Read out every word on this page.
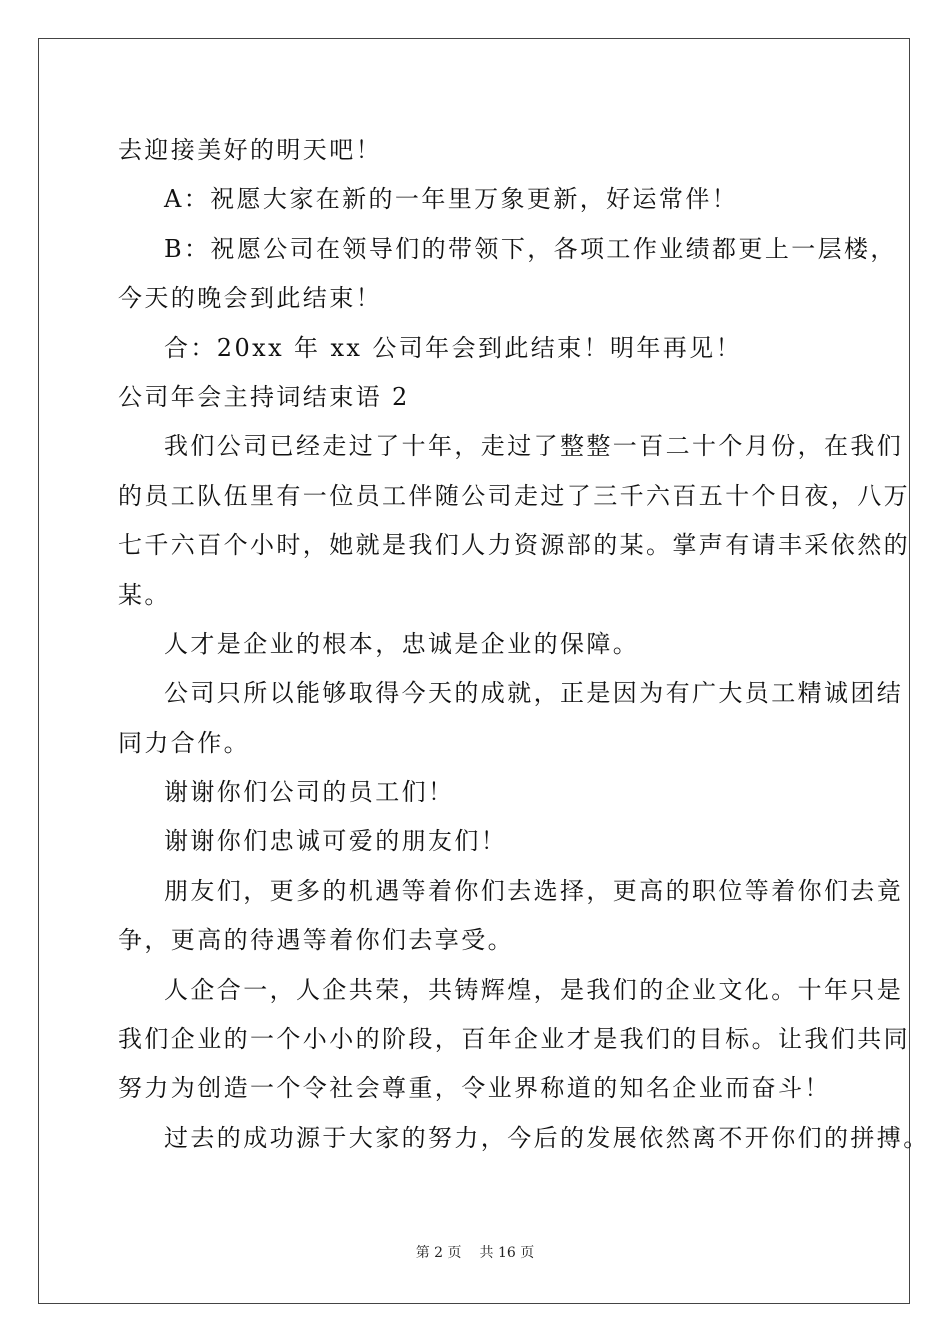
去迎接美好的明天吧！
A：祝愿大家在新的一年里万象更新，好运常伴！
B：祝愿公司在领导们的带领下，各项工作业绩都更上一层楼，
今天的晚会到此结束！
合：20xx 年 xx 公司年会到此结束！明年再见！
公司年会主持词结束语 2
我们公司已经走过了十年，走过了整整一百二十个月份，在我们
的员工队伍里有一位员工伴随公司走过了三千六百五十个日夜，八万
七千六百个小时，她就是我们人力资源部的某。掌声有请丰采依然的
某。
人才是企业的根本，忠诚是企业的保障。
公司只所以能够取得今天的成就，正是因为有广大员工精诚团结
同力合作。
谢谢你们公司的员工们！
谢谢你们忠诚可爱的朋友们！
朋友们，更多的机遇等着你们去选择，更高的职位等着你们去竟
争，更高的待遇等着你们去享受。
人企合一，人企共荣，共铸辉煌，是我们的企业文化。十年只是
我们企业的一个小小的阶段，百年企业才是我们的目标。让我们共同
努力为创造一个令社会尊重，令业界称道的知名企业而奋斗！
过去的成功源于大家的努力，今后的发展依然离不开你们的拼搏。
第 2 页 共 16 页
